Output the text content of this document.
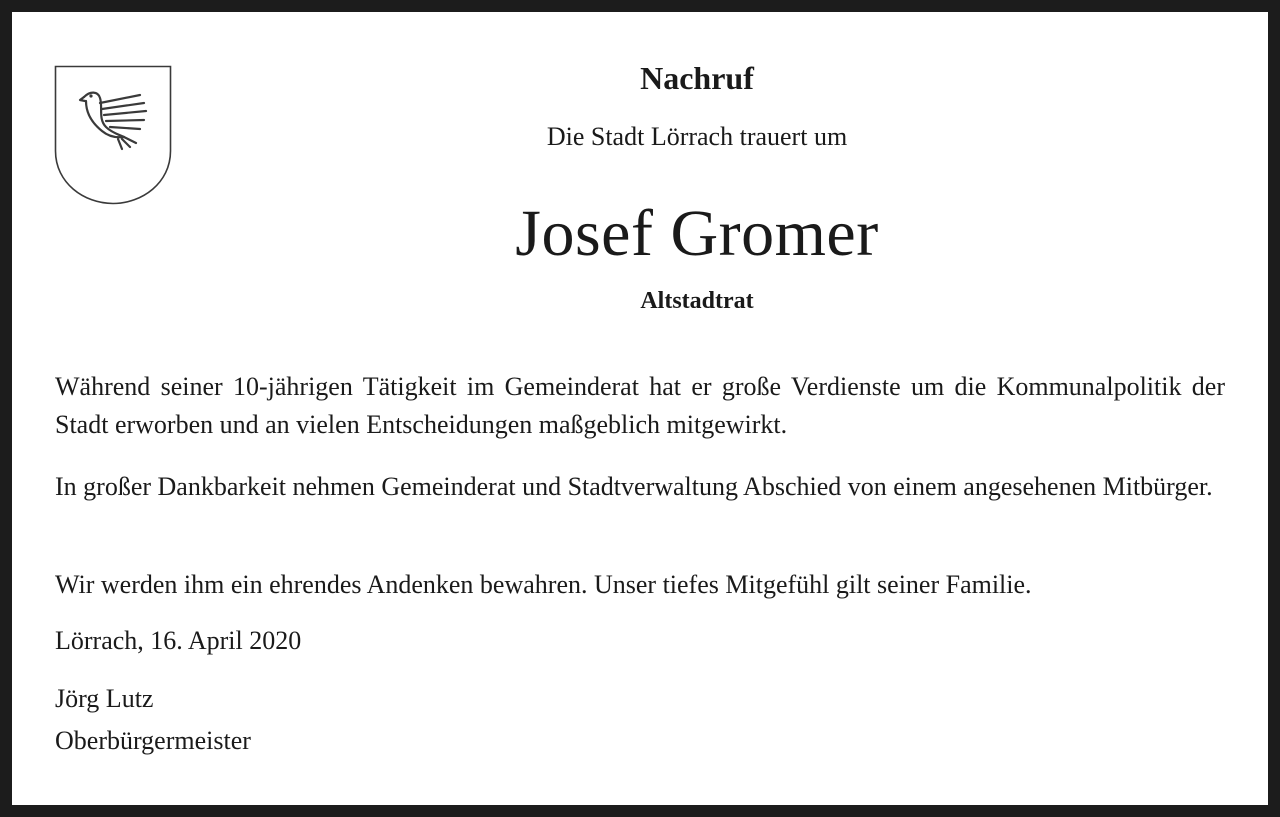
Nachruf
Die Stadt Lörrach trauert um
Josef Gromer
Altstadtrat
Während seiner 10-jährigen Tätigkeit im Gemeinderat hat er große Verdienste um die Kommunalpolitik der Stadt erworben und an vielen Entscheidungen maßgeblich mitgewirkt.
In großer Dankbarkeit nehmen Gemeinderat und Stadtverwaltung Abschied von einem angesehenen Mitbürger.
Wir werden ihm ein ehrendes Andenken bewahren. Unser tiefes Mitgefühl gilt seiner Familie.
Lörrach, 16. April 2020
Jörg Lutz
Oberbürgermeister
